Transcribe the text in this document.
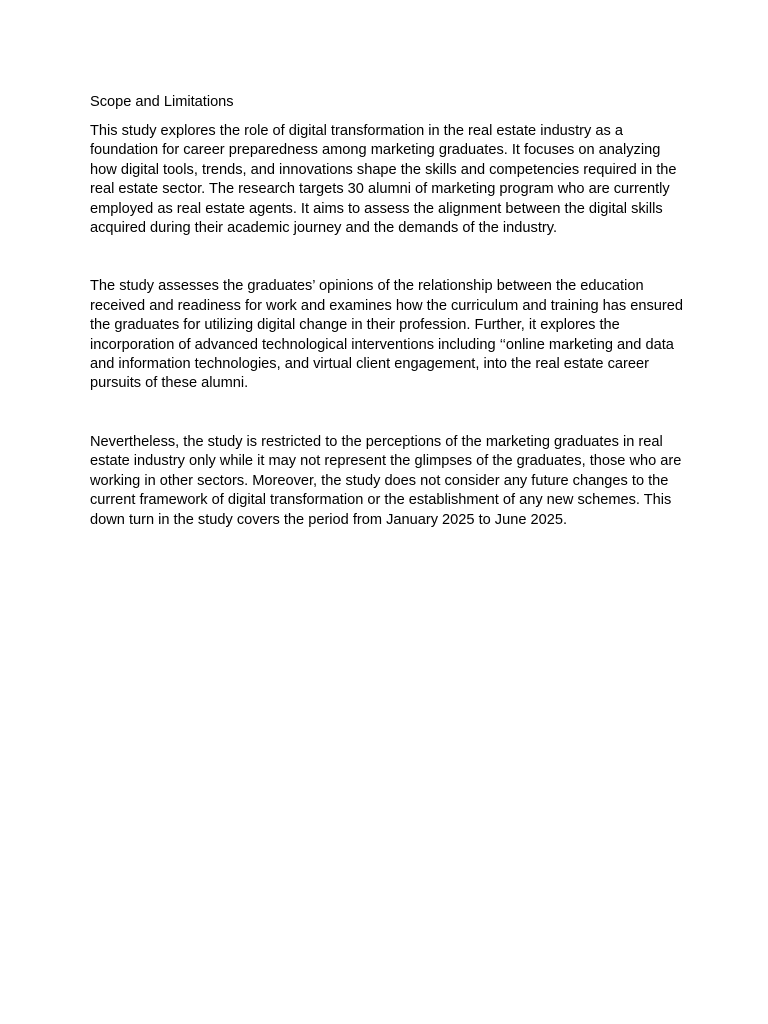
Scope and Limitations

This study explores the role of digital transformation in the real estate industry as a foundation for career preparedness among marketing graduates. It focuses on analyzing how digital tools, trends, and innovations shape the skills and competencies required in the real estate sector. The research targets 30 alumni of marketing program who are currently employed as real estate agents. It aims to assess the alignment between the digital skills acquired during their academic journey and the demands of the industry.

The study assesses the graduates’ opinions of the relationship between the education received and readiness for work and examines how the curriculum and training has ensured the graduates for utilizing digital change in their profession. Further, it explores the incorporation of advanced technological interventions including ‘‘online marketing and data and information technologies, and virtual client engagement, into the real estate career pursuits of these alumni.

Nevertheless, the study is restricted to the perceptions of the marketing graduates in real estate industry only while it may not represent the glimpses of the graduates, those who are working in other sectors. Moreover, the study does not consider any future changes to the current framework of digital transformation or the establishment of any new schemes. This down turn in the study covers the period from January 2025 to June 2025.
